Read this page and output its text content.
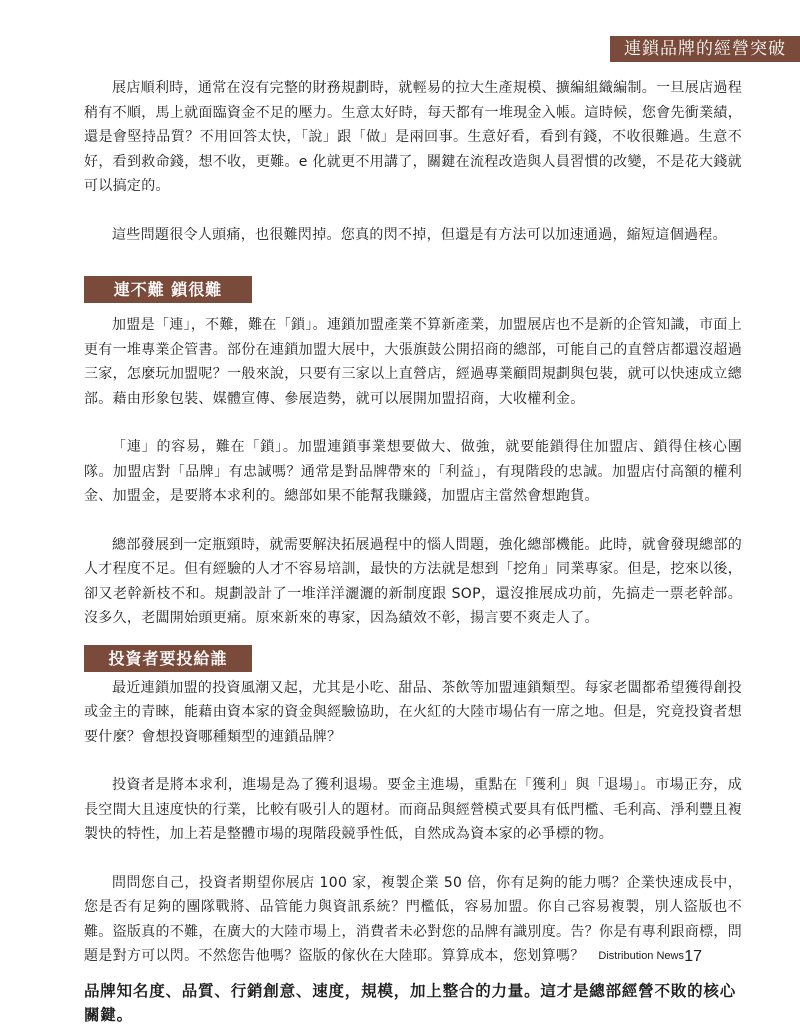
連鎖品牌的經營突破

展店順利時，通常在沒有完整的財務規劃時，就輕易的拉大生產規模、擴編組織編制。一旦展店過程稍有不順，馬上就面臨資金不足的壓力。生意太好時，每天都有一堆現金入帳。這時候，您會先衝業績，還是會堅持品質？不用回答太快，「說」跟「做」是兩回事。生意好看，看到有錢，不收很難過。生意不好，看到救命錢，想不收，更難。e 化就更不用講了，關鍵在流程改造與人員習慣的改變，不是花大錢就可以搞定的。

這些問題很令人頭痛，也很難閃掉。您真的閃不掉，但還是有方法可以加速通過，縮短這個過程。

連不難 鎖很難

加盟是「連」，不難，難在「鎖」。連鎖加盟產業不算新產業，加盟展店也不是新的企管知識，市面上更有一堆專業企管書。部份在連鎖加盟大展中，大張旗鼓公開招商的總部，可能自己的直營店都還沒超過三家，怎麼玩加盟呢？一般來說，只要有三家以上直營店，經過專業顧問規劃與包裝，就可以快速成立總部。藉由形象包裝、媒體宣傳、參展造勢，就可以展開加盟招商，大收權利金。

「連」的容易，難在「鎖」。加盟連鎖事業想要做大、做強，就要能鎖得住加盟店、鎖得住核心團隊。加盟店對「品牌」有忠誠嗎？通常是對品牌帶來的「利益」，有現階段的忠誠。加盟店付高額的權利金、加盟金，是要將本求利的。總部如果不能幫我賺錢，加盟店主當然會想跑貨。

總部發展到一定瓶頸時，就需要解決拓展過程中的惱人問題，強化總部機能。此時，就會發現總部的人才程度不足。但有經驗的人才不容易培訓，最快的方法就是想到「挖角」同業專家。但是，挖來以後，卻又老幹新枝不和。規劃設計了一堆洋洋灑灑的新制度跟 SOP，還沒推展成功前，先搞走一票老幹部。沒多久，老闆開始頭更痛。原來新來的專家，因為績效不彰，揚言要不爽走人了。

投資者要投給誰

最近連鎖加盟的投資風潮又起，尤其是小吃、甜品、茶飲等加盟連鎖類型。每家老闆都希望獲得創投或金主的青睞，能藉由資本家的資金與經驗協助，在火紅的大陸市場佔有一席之地。但是，究竟投資者想要什麼？會想投資哪種類型的連鎖品牌？

投資者是將本求利，進場是為了獲利退場。要金主進場，重點在「獲利」與「退場」。市場正夯，成長空間大且速度快的行業，比較有吸引人的題材。而商品與經營模式要具有低門檻、毛利高、淨利豐且複製快的特性，加上若是整體市場的現階段競爭性低，自然成為資本家的必爭標的物。

問問您自己，投資者期望你展店 100 家，複製企業 50 倍，你有足夠的能力嗎？企業快速成長中，您是否有足夠的團隊戰將、品管能力與資訊系統？門檻低，容易加盟。你自己容易複製，別人盜版也不難。盜版真的不難，在廣大的大陸市場上，消費者未必對您的品牌有識別度。告？你是有專利跟商標，問題是對方可以閃。不然您告他嗎？盜版的傢伙在大陸耶。算算成本，您划算嗎？

品牌知名度、品質、行銷創意、速度，規模，加上整合的力量。這才是總部經營不敗的核心關鍵。

Distribution News 17
